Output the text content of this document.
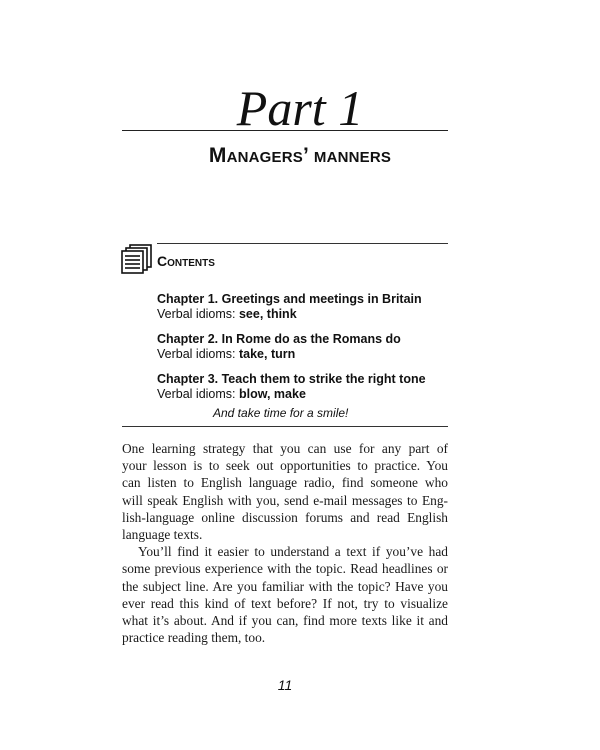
Part 1
Managers’ manners
Contents
Chapter 1. Greetings and meetings in Britain
Verbal idioms: see, think
Chapter 2. In Rome do as the Romans do
Verbal idioms: take, turn
Chapter 3. Teach them to strike the right tone
Verbal idioms: blow, make
And take time for a smile!
One learning strategy that you can use for any part of
your lesson is to seek out opportunities to practice. You
can listen to English language radio, find someone who
will speak English with you, send e-mail messages to Eng-
lish-language online discussion forums and read English
language texts.
You’ll find it easier to understand a text if you’ve had
some previous experience with the topic. Read headlines or
the subject line. Are you familiar with the topic? Have you
ever read this kind of text before? If not, try to visualize
what it’s about. And if you can, find more texts like it and
practice reading them, too.
11
